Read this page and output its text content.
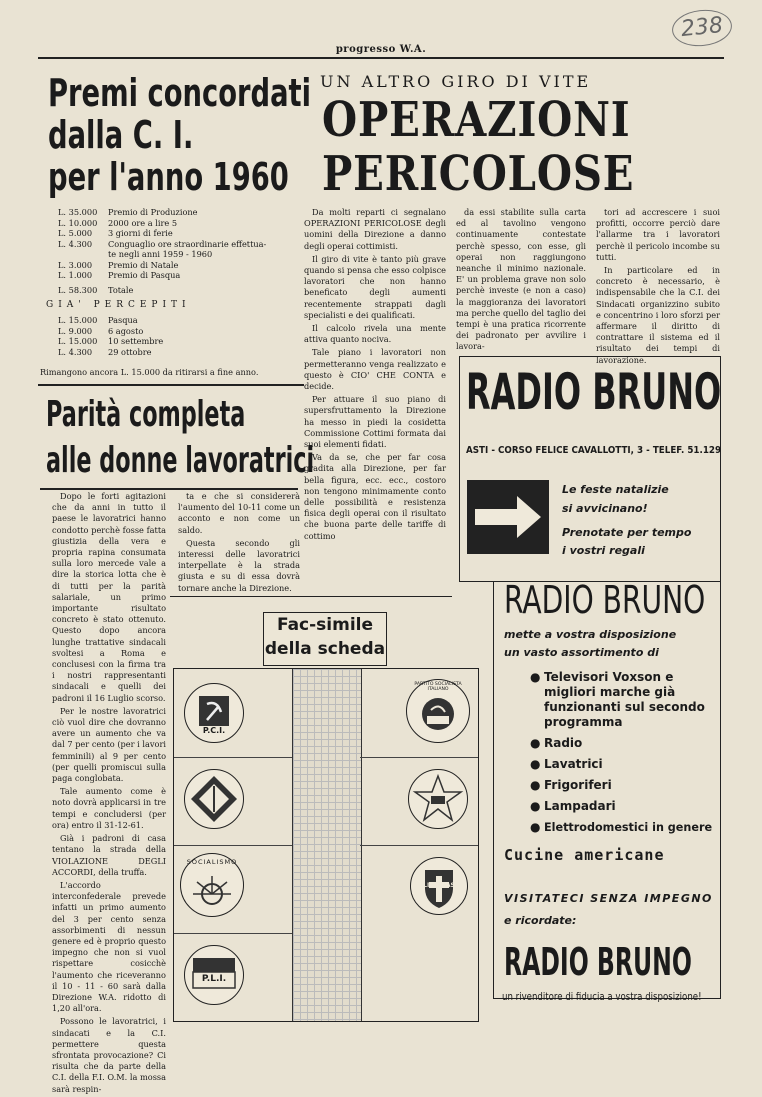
238
progresso W.A.
Premi concordati
dalla C. I.
per l'anno 1960
L. 35.000	Premio di Produzione
L. 10.000	2000 ore a lire 5
L. 5.000	3 giorni di ferie
L. 4.300	Conguaglio ore straordinarie effettua-
te negli anni 1959 - 1960
L. 3.000	Premio di Natale
L. 1.000	Premio di Pasqua
L. 58.300	Totale
GIA' PERCEPITI
L. 15.000	Pasqua
L. 9.000	6 agosto
L. 15.000	10 settembre
L. 4.300	29 ottobre
Rimangono ancora L. 15.000 da ritirarsi a fine anno.
UN ALTRO GIRO DI VITE
OPERAZIONI
PERICOLOSE

Da molti reparti ci segnalano OPERAZIONI PERICOLOSE degli uomini della Direzione a danno degli operai cottimisti.

Il giro di vite è tanto più grave quando si pensa che esso colpisce lavoratori che non hanno beneficato degli aumenti recentemente strappati dagli specialisti e dei qualificati.

Il calcolo rivela una mente attiva quanto nociva.

Tale piano i lavoratori non permetteranno venga realizzato e questo è CIO' CHE CONTA e decide.

Per attuare il suo piano di supersfruttamento la Direzione ha messo in piedi la cosidetta Commissione Cottimi formata dai suoi elementi fidati.

Va da se, che per far cosa gradita alla Direzione, per far bella figura, ecc. ecc., costoro non tengono minimamente conto delle possibilità e resistenza fisica degli operai con il risultato che buona parte delle tariffe di cottimo

da essi stabilite sulla carta ed al tavolino vengono continuamente contestate perchè spesso, con esse, gli operai non raggiungono neanche il minimo nazionale. E' un problema grave non solo perchè investe (e non a caso) la maggioranza dei lavoratori ma perche quello del taglio dei tempi è una pratica ricorrente dei padronato per avvilire i lavora-

tori ad accrescere i suoi profitti, occorre perciò dare l'allarme tra i lavoratori perchè il pericolo incombe su tutti.

In particolare ed in concreto è necessario, è indispensabile che la C.I. dei Sindacati organizzino subito e concentrino i loro sforzi per affermare il diritto di contrattare il sistema ed il risultato dei tempi di lavorazione.

Parità completa
alle donne lavoratrici

Dopo le forti agitazioni che da anni in tutto il paese le lavoratrici hanno condotto perchè fosse fatta giustizia della vera e propria rapina consumata sulla loro mercede vale a dire la storica lotta che è di tutti per la parità salariale, un primo importante risultato concreto è stato ottenuto. Questo dopo ancora lunghe trattative sindacali svoltesi a Roma e conclusesi con la firma tra i nostri rappresentanti sindacali e quelli dei padroni il 16 Luglio scorso.

Per le nostre lavoratrici ciò vuol dire che dovranno avere un aumento che va dal 7 per cento (per i lavori femminili) al 9 per cento (per quelli promiscui sulla paga conglobata.

Tale aumento come è noto dovrà applicarsi in tre tempi e concludersi (per ora) entro il 31-12-61.

Già i padroni di casa tentano la strada della VIOLAZIONE DEGLI ACCORDI, della truffa.

L'accordo interconfederale prevede infatti un primo aumento del 3 per cento senza assorbimenti di nessun genere ed è proprio questo impegno che non si vuol rispettare cosicchè l'aumento che riceveranno il 10 - 11 - 60 sarà dalla Direzione W.A. ridotto di 1,20 all'ora.

Possono le lavoratrici, i sindacati e la C.I. permettere questa sfrontata provocazione? Ci risulta che da parte della C.I. della F.I. O.M. la mossa sarà respin-

ta e che si considererà l'aumento del 10-11 come un acconto e non come un saldo.

Questa secondo gli interessi delle lavoratrici interpellate è la strada giusta e su di essa dovrà tornare anche la Direzione.

P.C.I.
SOCIALISMO
P.L.I.
PARTITO SOCIALISTA ITALIANO
LIBERTAS
Fac-simile
della scheda
RADIO BRUNO
ASTI - CORSO FELICE CAVALLOTTI, 3 - TELEF. 51.129
Le feste natalizie
si avvicinano!
Prenotate per tempo
i vostri regali
RADIO BRUNO
mette a vostra disposizione
un vasto assortimento di
● Televisori Voxson e migliori marche già funzionanti sul secondo programma
● Radio
● Lavatrici
● Frigoriferi
● Lampadari
● Elettrodomestici in genere
Cucine americane
VISITATECI SENZA IMPEGNO
e ricordate:
RADIO BRUNO
un rivenditore di fiducia a vostra disposizione!
